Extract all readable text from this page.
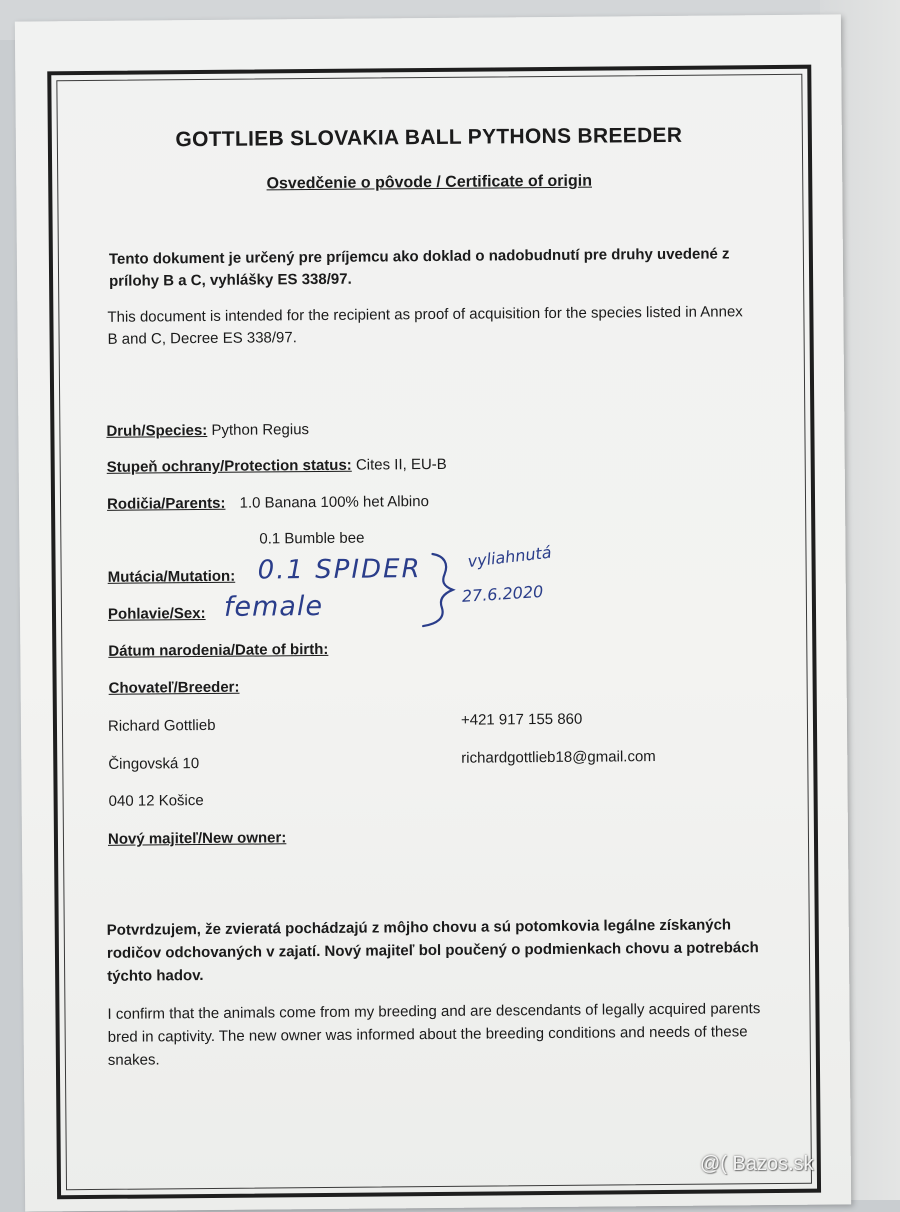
GOTTLIEB SLOVAKIA BALL PYTHONS BREEDER
Osvedčenie o pôvode / Certificate of origin
Tento dokument je určený pre príjemcu ako doklad o nadobudnutí pre druhy uvedené z prílohy B a C, vyhlášky ES 338/97.
This document is intended for the recipient as proof of acquisition for the species listed in Annex B and C, Decree ES 338/97.
Druh/Species: Python Regius
Stupeň ochrany/Protection status: Cites II, EU-B
Rodičia/Parents: 1.0 Banana 100% het Albino
0.1 Bumble bee
Mutácia/Mutation: 0.1 SPIDER
Pohlavie/Sex: female
vyliahnutá
27.6.2020
Dátum narodenia/Date of birth:
Chovateľ/Breeder:
Richard Gottlieb
Čingovská 10
040 12 Košice
+421 917 155 860
richardgottlieb18@gmail.com
Nový majiteľ/New owner:
Potvrdzujem, že zvieratá pochádzajú z môjho chovu a sú potomkovia legálne získaných rodičov odchovaných v zajatí. Nový majiteľ bol poučený o podmienkach chovu a potrebách týchto hadov.
I confirm that the animals come from my breeding and are descendants of legally acquired parents bred in captivity. The new owner was informed about the breeding conditions and needs of these snakes.
@( Bazos.sk
